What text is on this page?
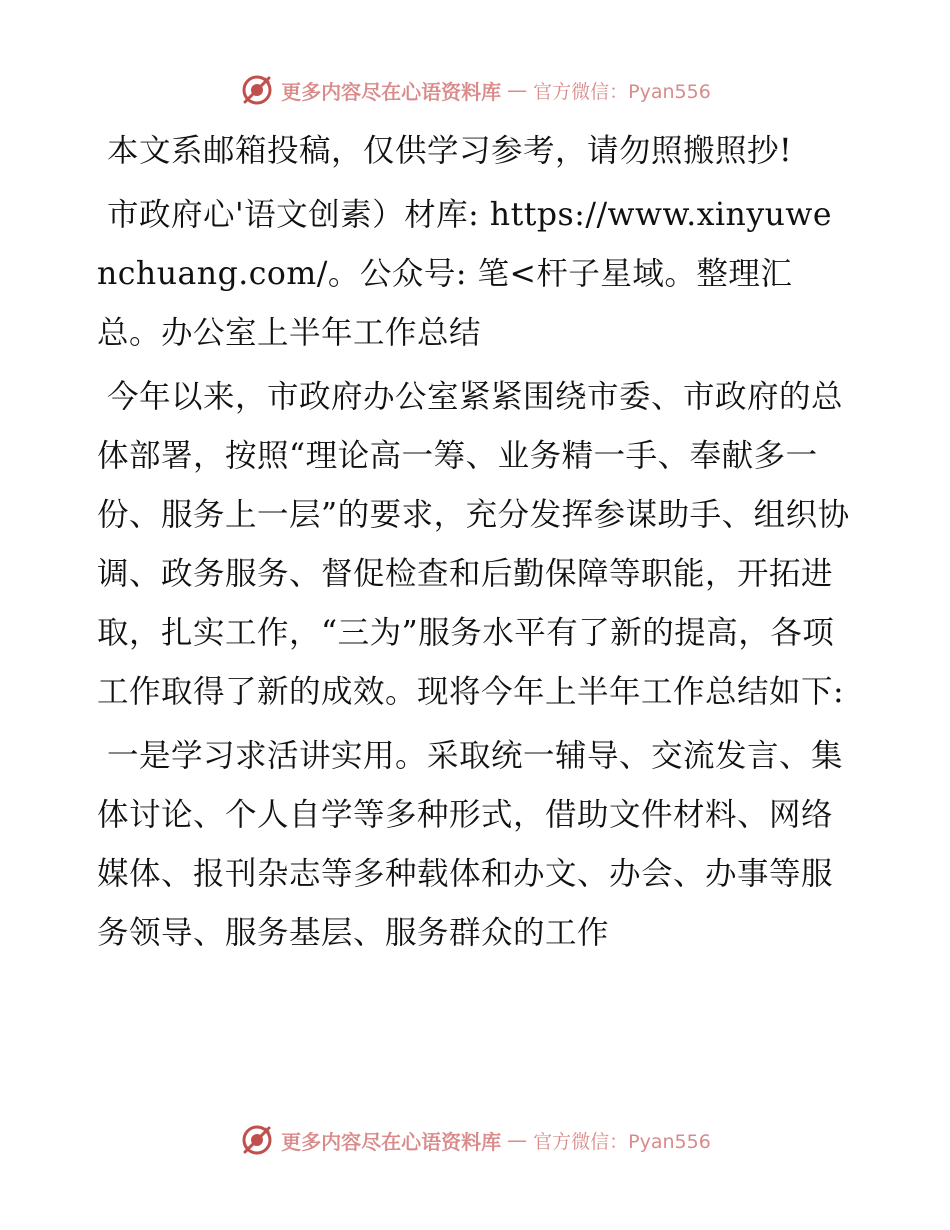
更多内容尽在心语资料库 — 官方微信：Pyan556

本文系邮箱投稿，仅供学习参考，请勿照搬照抄!

市政府心'语文创素）材库: https://www.xinyuwenchuang.com/。公众号: 笔<杆子星域。整理汇总。办公室上半年工作总结

今年以来，市政府办公室紧紧围绕市委、市政府的总体部署，按照“理论高一筹、业务精一手、奉献多一份、服务上一层”的要求，充分发挥参谋助手、组织协调、政务服务、督促检查和后勤保障等职能，开拓进取，扎实工作，“三为”服务水平有了新的提高，各项工作取得了新的成效。现将今年上半年工作总结如下:

一是学习求活讲实用。采取统一辅导、交流发言、集体讨论、个人自学等多种形式，借助文件材料、网络媒体、报刊杂志等多种载体和办文、办会、办事等服务领导、服务基层、服务群众的工作

更多内容尽在心语资料库 — 官方微信：Pyan556
